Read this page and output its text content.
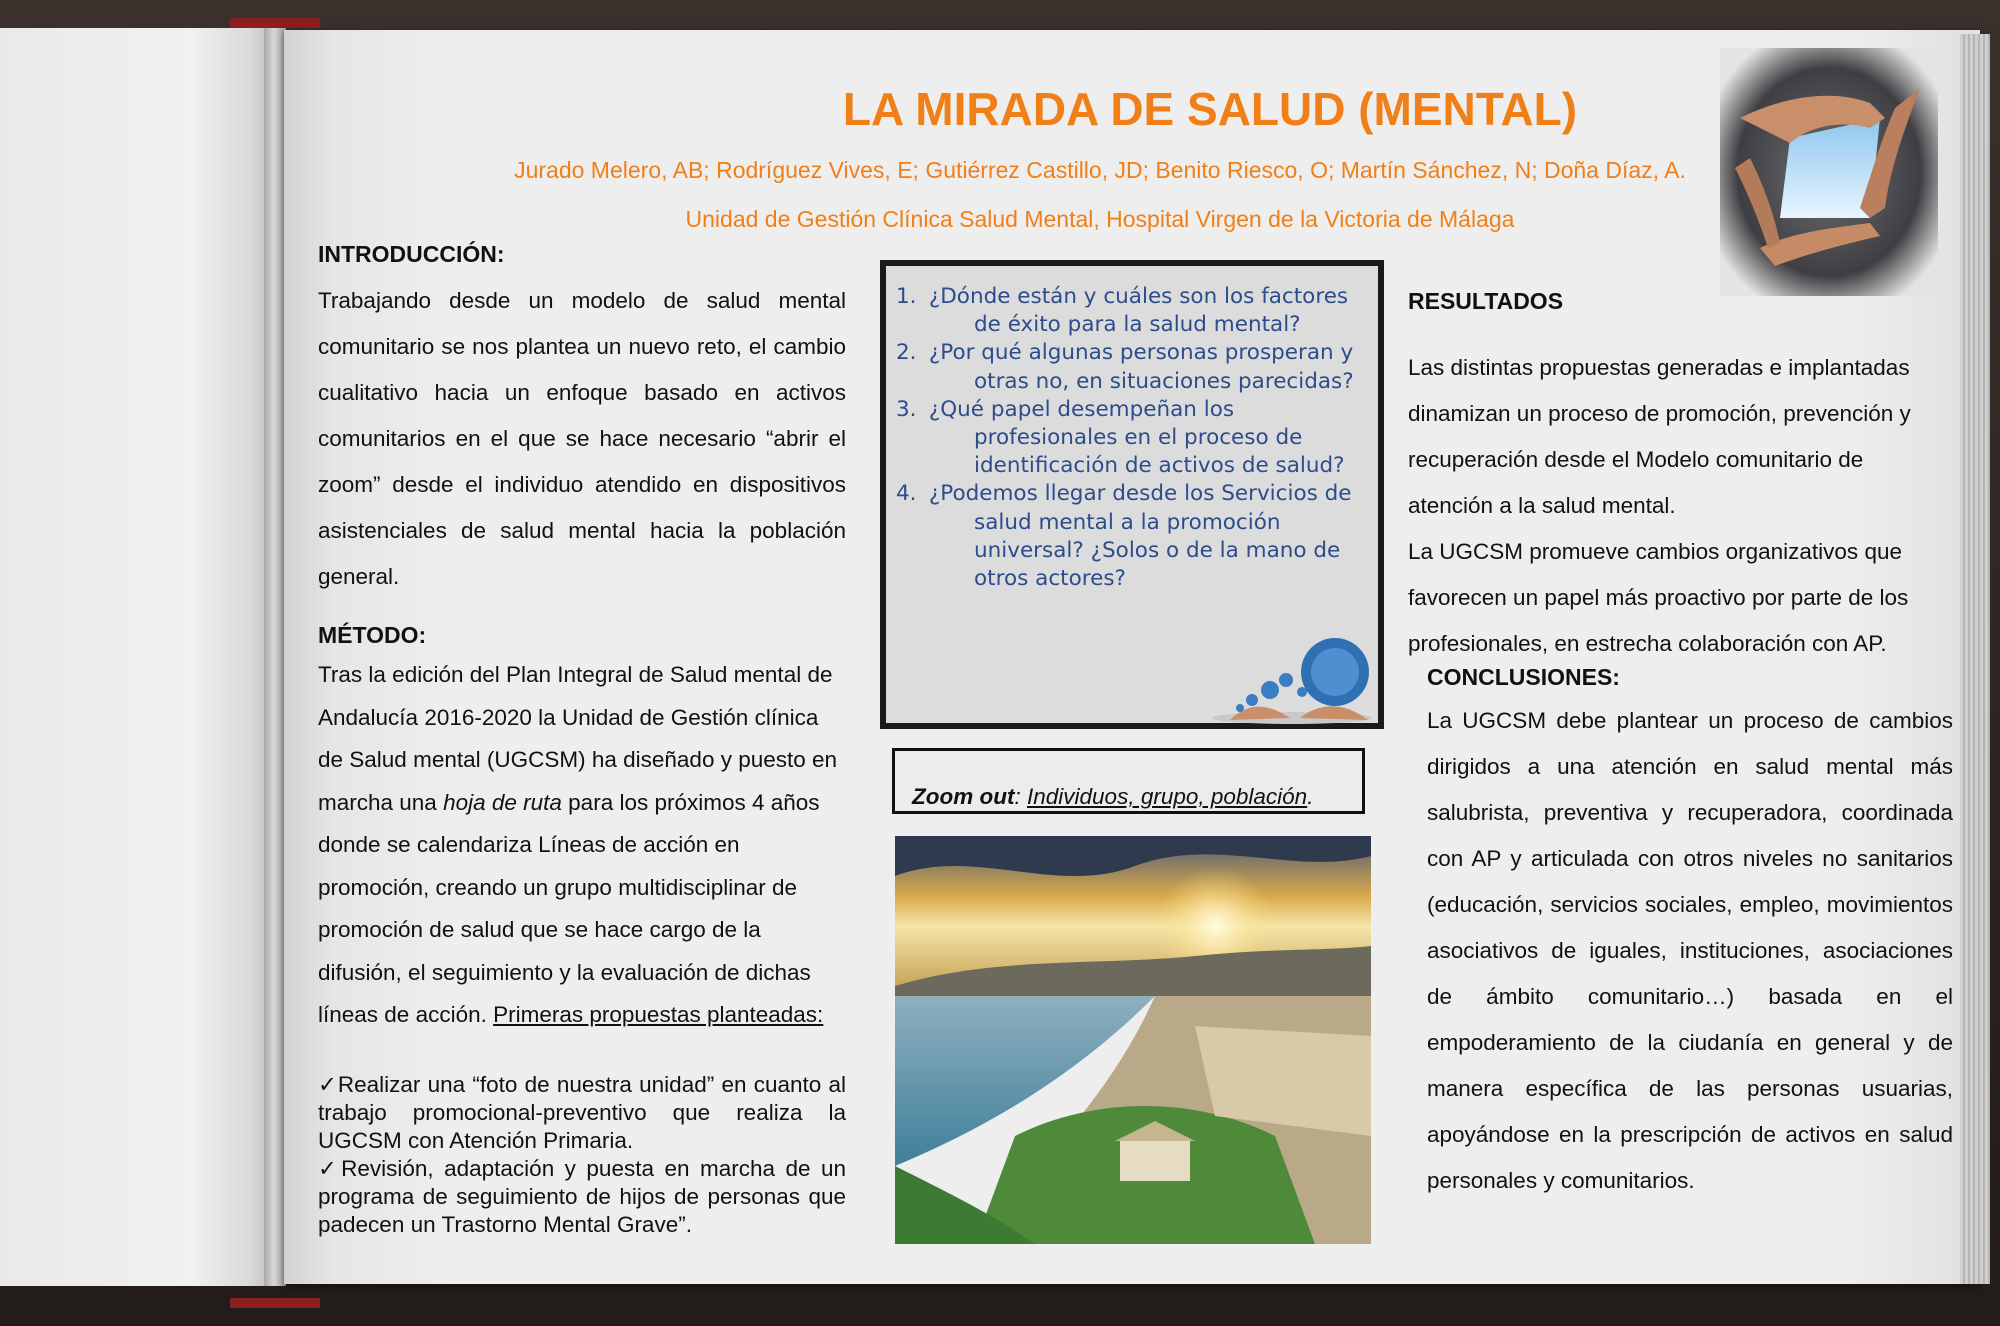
LA MIRADA DE SALUD (MENTAL)
Jurado Melero, AB; Rodríguez Vives, E; Gutiérrez Castillo, JD; Benito Riesco, O; Martín Sánchez, N; Doña Díaz, A.
Unidad de Gestión Clínica Salud Mental, Hospital Virgen de la Victoria de Málaga
INTRODUCCIÓN:

Trabajando desde un modelo de salud mental comunitario se nos plantea un nuevo reto, el cambio cualitativo hacia un enfoque basado en activos comunitarios en el que se hace necesario “abrir el zoom” desde el individuo atendido en dispositivos asistenciales de salud mental hacia la población general.

MÉTODO:

Tras la edición del Plan Integral de Salud mental de Andalucía 2016-2020 la Unidad de Gestión clínica de Salud mental (UGCSM) ha diseñado y puesto en marcha una hoja de ruta para los próximos 4 años donde se calendariza Líneas de acción en promoción, creando un grupo multidisciplinar de promoción de salud que se hace cargo de la difusión, el seguimiento y la evaluación de dichas líneas de acción. Primeras propuestas planteadas:

✓Realizar una “foto de nuestra unidad” en cuanto al trabajo promocional-preventivo que realiza la UGCSM con Atención Primaria.
✓Revisión, adaptación y puesta en marcha de un programa de seguimiento de hijos de personas que padecen un Trastorno Mental Grave”.
1. ¿Dónde están y cuáles son los factores de éxito para la salud mental?
2. ¿Por qué algunas personas prosperan y otras no, en situaciones parecidas?
3. ¿Qué papel desempeñan los profesionales en el proceso de identificación de activos de salud?
4. ¿Podemos llegar desde los Servicios de salud mental a la promoción universal? ¿Solos o de la mano de otros actores?
Zoom out: Individuos, grupo, población.
RESULTADOS
Las distintas propuestas generadas e implantadas dinamizan un proceso de promoción, prevención y recuperación desde el Modelo comunitario de atención a la salud mental.
La UGCSM promueve cambios organizativos que favorecen un papel más proactivo por parte de los profesionales, en estrecha colaboración con AP.
CONCLUSIONES:

La UGCSM debe plantear un proceso de cambios dirigidos a una atención en salud mental más salubrista, preventiva y recuperadora, coordinada con AP y articulada con otros niveles no sanitarios (educación, servicios sociales, empleo, movimientos asociativos de iguales, instituciones, asociaciones de ámbito comunitario…) basada en el empoderamiento de la ciudanía en general y de manera específica de las personas usuarias, apoyándose en la prescripción de activos en salud personales y comunitarios.
